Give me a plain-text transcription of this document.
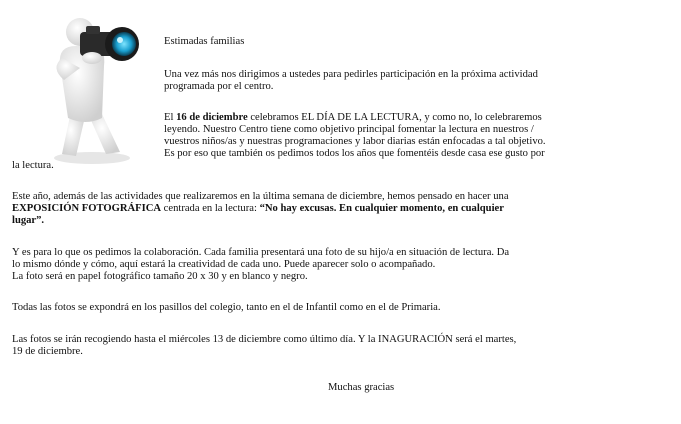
Estimadas familias

Una vez más nos dirigimos a ustedes para pedirles participación en la próxima actividad

programada por el centro.

El 16 de diciembre celebramos EL DÍA DE LA LECTURA, y como no, lo celebraremos

leyendo. Nuestro Centro tiene como objetivo principal fomentar la lectura en nuestros /

vuestros niños/as y nuestras programaciones y labor diarias están enfocadas a tal objetivo.

Es por eso que también os pedimos todos los años que fomentéis desde casa ese gusto por

la lectura.

Este año, además de las actividades que realizaremos en la última semana de diciembre, hemos pensado en hacer una

EXPOSICIÓN FOTOGRÁFICA centrada en la lectura: “No hay excusas. En cualquier momento, en cualquier

lugar”.

Y es para lo que os pedimos la colaboración. Cada familia presentará una foto de su hijo/a en situación de lectura. Da

lo mismo dónde y cómo, aquí estará la creatividad de cada uno. Puede aparecer solo o acompañado.

La foto será en papel fotográfico tamaño 20 x 30 y en blanco y negro.

Todas las fotos se expondrá en los pasillos del colegio, tanto en el de Infantil como en el de Primaria.

Las fotos se irán recogiendo hasta el miércoles 13 de diciembre como último día. Y la INAGURACIÓN será el martes,

19 de diciembre.

Muchas gracias
